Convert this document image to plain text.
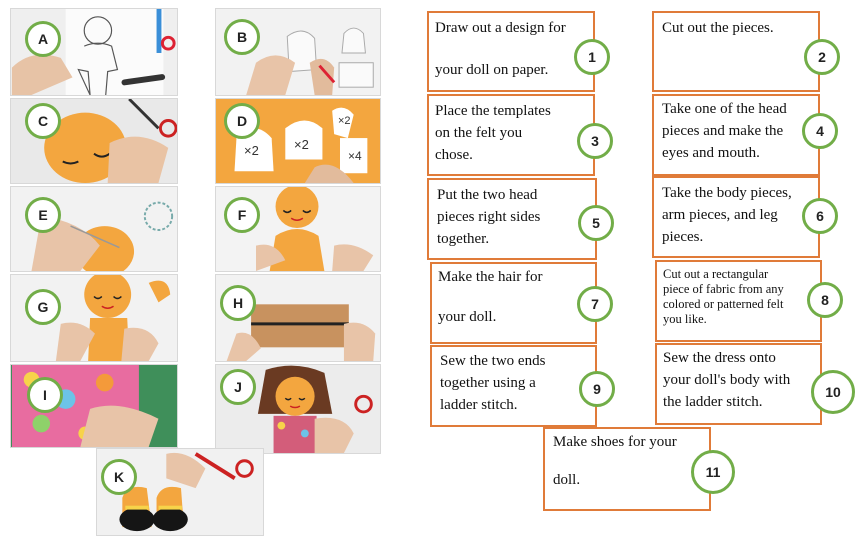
A	B
C
×2	×2
×2
×4
D
E	F
G	H
I	J
K
Draw out a design for
your doll on paper.
1
Cut out the pieces.
2
Place the templates
on the felt you
chose.
3
Take one of the head
pieces and make the
eyes and mouth.
4
Put the two head
pieces right sides
together.
5
Take the body pieces,
arm pieces, and leg
pieces.
6
Make the hair for
your doll.
7
Cut out a rectangular
piece of fabric from any
colored or patterned felt
you like.
8
Sew the two ends
together using a
ladder stitch.
9
Sew the dress onto
your doll's body with
the ladder stitch.
10
Make shoes for your
doll.	11
